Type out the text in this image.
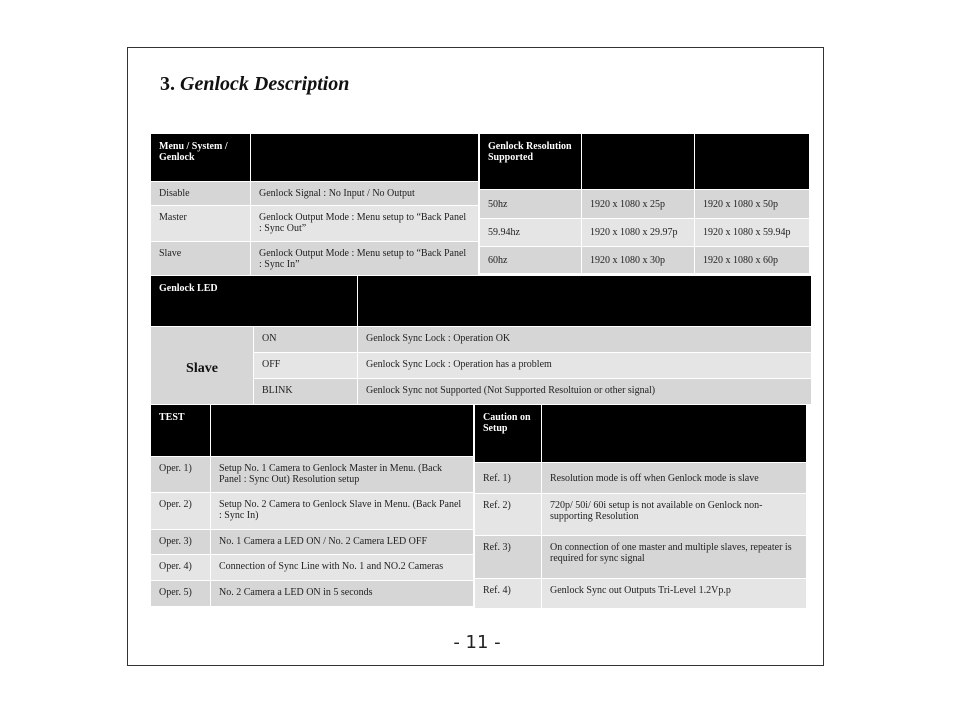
3. Genlock Description
Menu / System / Genlock	
Disable	Genlock Signal : No Input / No Output
Master	Genlock Output Mode : Menu setup to “Back Panel : Sync Out”
Slave	Genlock Output Mode : Menu setup to “Back Panel : Sync In”
Genlock Resolution Supported		
50hz	1920 x 1080 x 25p	1920 x 1080 x 50p
59.94hz	1920 x 1080 x 29.97p	1920 x 1080 x 59.94p
60hz	1920 x 1080 x 30p	1920 x 1080 x 60p
Genlock LED		
Slave	ON	Genlock Sync Lock : Operation OK
	OFF	Genlock Sync Lock : Operation has a problem
	BLINK	Genlock Sync not Supported (Not Supported Resoltuion or other signal)
TEST	
Oper. 1)	Setup No. 1 Camera to Genlock Master in Menu. (Back Panel : Sync Out) Resolution setup
Oper. 2)	Setup No. 2 Camera to Genlock Slave in Menu. (Back Panel : Sync In)
Oper. 3)	No. 1 Camera a LED ON / No. 2 Camera LED OFF
Oper. 4)	Connection of Sync Line with No. 1 and NO.2 Cameras
Oper. 5)	No. 2 Camera a LED ON in 5 seconds
Caution on Setup	
Ref. 1)	Resolution mode is off when Genlock mode is slave
Ref. 2)	720p/ 50i/ 60i setup is not available on Genlock non-supporting Resolution
Ref. 3)	On connection of one master and multiple slaves, repeater is required for sync signal
Ref. 4)	Genlock Sync out Outputs Tri-Level 1.2Vp.p
- 11 -
